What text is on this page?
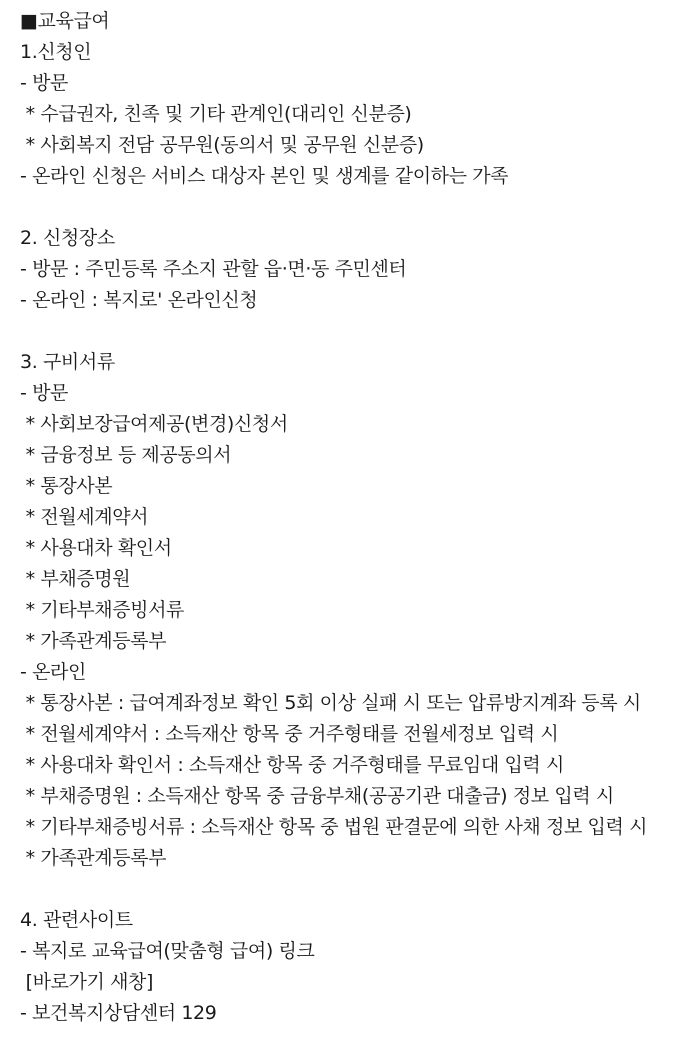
■교육급여
1.신청인
- 방문
* 수급권자, 친족 및 기타 관계인(대리인 신분증)
* 사회복지 전담 공무원(동의서 및 공무원 신분증)
- 온라인 신청은 서비스 대상자 본인 및 생계를 같이하는 가족
2. 신청장소
- 방문 : 주민등록 주소지 관할 읍·면·동 주민센터
- 온라인 : 복지로' 온라인신청
3. 구비서류
- 방문
* 사회보장급여제공(변경)신청서
* 금융정보 등 제공동의서
* 통장사본
* 전월세계약서
* 사용대차 확인서
* 부채증명원
* 기타부채증빙서류
* 가족관계등록부
- 온라인
* 통장사본 : 급여계좌정보 확인 5회 이상 실패 시 또는 압류방지계좌 등록 시
* 전월세계약서 : 소득재산 항목 중 거주형태를 전월세정보 입력 시
* 사용대차 확인서 : 소득재산 항목 중 거주형태를 무료임대 입력 시
* 부채증명원 : 소득재산 항목 중 금융부채(공공기관 대출금) 정보 입력 시
* 기타부채증빙서류 : 소득재산 항목 중 법원 판결문에 의한 사채 정보 입력 시
* 가족관계등록부
4. 관련사이트
- 복지로 교육급여(맞춤형 급여) 링크
[바로가기 새창]
- 보건복지상담센터 129
